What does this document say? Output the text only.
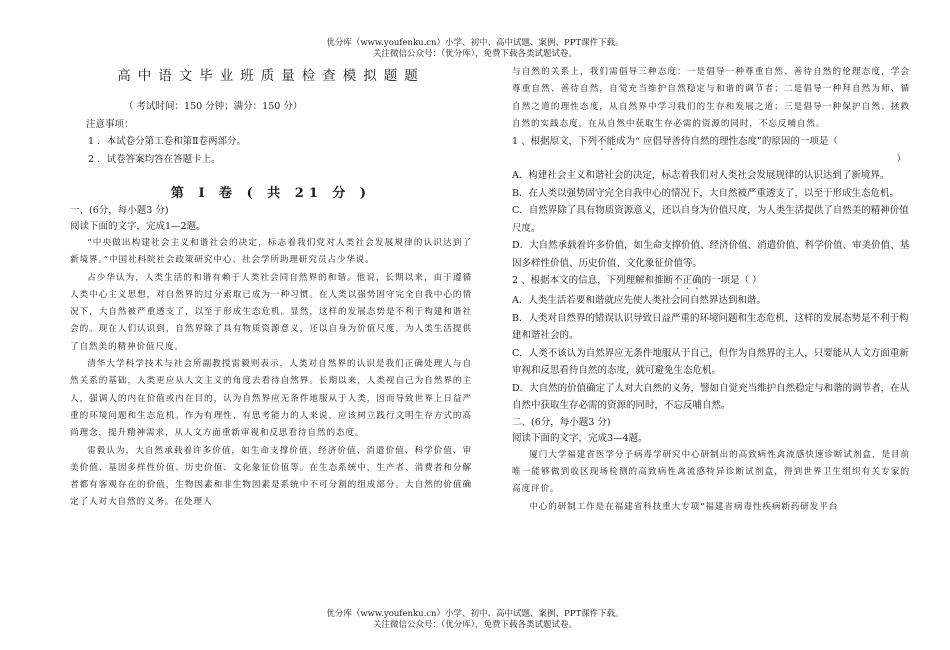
优分库（www.youfenku.cn）小学、初中、高中试题、案例、PPT课件下载。
关注微信公众号：（优分库），免费下载各类试题试卷。

高中语文毕业班质量检查模拟题题

（ 考试时间：150 分钟；满分：150 分）

注意事项：

1 ．本试卷分第工卷和第Ⅱ卷两部分。

2 ．试卷答案均答在答题卡上。

第 I 卷 ( 共 21 分 )

一、(6分，每小题3 分)

阅读下面的文字，完成1—2题。

“中央做出构建社会主义和谐社会的决定，标志着我们党对人类社会发展规律的认识达到了新境界。”中国社科院社会政策研究中心、社会学所助理研究员占少华说。

占少华认为，人类生活的和谐有赖于人类社会同自然界的和谐。他说，长期以来，由于遵循人类中心主义思想，对自然界的过分索取已成为一种习惯。在人类以强势固守完全自我中心的情况下，大自然被严重透支了，以至于形成生态危机。显然，这样的发展态势是不利于构建和谐社会的。现在人们认识到，自然界除了具有物质资源意义，还以自身为价值尺度，为人类生活提供了自然美的精神价值尺度。

清华大学科学技术与社会所副教授雷毅则表示，人类对自然界的认识是我们正确处理人与自然关系的基础，人类更应从人文主义的角度去看待自然界。长期以来，人类视自己为自然界的主人，强调人的内在价值或内在目的，认为自然界应无条件地服从于人类，因而导致世界上日益严重的环境问题和生态危机。作为有理性、有思考能力的人来说，应该树立践行文明生存方式的高尚理念，提升精神需求，从人文方面重新审视和反思看待自然的态度。

雷毅认为，大自然承载着许多价值，如生命支撑价值、经济价值、消遣价值、科学价值、审美价值、基因多样性价值、历史价值、文化象征价值等。在生态系统中，生产者、消费者和分解者都有客观存在的价值，生物因素和非生物因素是系统中不可分割的组成部分。大自然的价值确定了人对大自然的义务。在处理人

与自然的关系上，我们需倡导三种态度：一是倡导一种尊重自然、善待自然的伦理态度，学会尊重自然、善待自然，自觉充当维护自然稳定与和谐的调节者；二是倡导一种拜自然为师、循自然之道的理性态度，从自然界中学习我们的生存和发展之道；三是倡导一种保护自然、拯救自然的实践态度，在从自然中获取生存必需的资源的同时，不忘反哺自然。

1 、根据原文，下列不能成为“ 应倡导善待自然的理性态度”的原因的一项是（

）

A．构建社会主义和谐社会的决定，标志着我们对人类社会发展规律的认识达到了新境界。

B．在人类以强势固守完全自我中心的情况下，大自然被严重透支了，以至于形成生态危机。

C．自然界除了具有物质资源意义，还以自身为价值尺度，为人类生活提供了自然美的精神价值尺度。

D．大自然承载着许多价值，如生命支撑价值、经济价值、消遣价值、科学价值、审美价值、基因多样性价值、历史价值、文化象征价值等。

2 、根据本文的信息，下列理解和推断不正确的一项是（ ）

A．人类生活若要和谐就应先使人类社会同自然界达到和谐。

B．人类对自然界的错误认识导致日益严重的环境问题和生态危机，这样的发展态势是不利于构建和谐社会的。

C．人类不该认为自然界应无条件地服从于自己，但作为自然界的主人，只要能从人文方面重新审视和反思看待自然的态度，就可避免生态危机。

D．大自然的价值确定了人对大自然的义务，譬如自觉充当维护自然稳定与和谐的调节者，在从自然中获取生存必需的资源的同时，不忘反哺自然。

二、(6分，每小题3 分)

阅读下面的文字，完成3—4题。

厦门大学福建省医学分子病毒学研究中心研制出的高致病性禽流感快速诊断试剂盒，是目前唯一能够做到收区现场检测的高致病性禽流感特异诊断试剂盒，得到世界卫生组织有关专家的高度评价。

中心的研制工作是在福建省科技重大专项“福建省病毒性疾病新药研发平台

优分库（www.youfenku.cn）小学、初中、高中试题、案例、PPT课件下载。
关注微信公众号：（优分库），免费下载各类试题试卷。
